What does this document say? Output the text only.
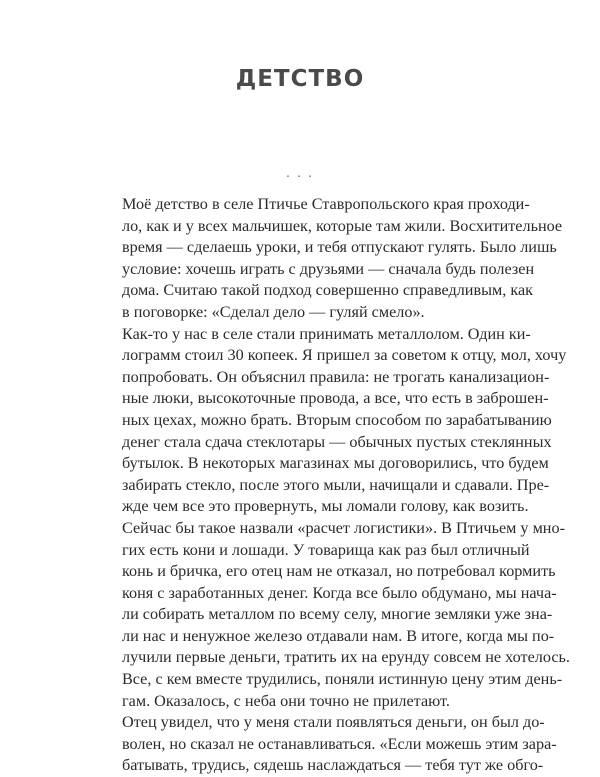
ДЕТСТВО
. . .

Моё детство в селе Птичье Ставропольского края проходи-
ло, как и у всех мальчишек, которые там жили. Восхитительное
время — сделаешь уроки, и тебя отпускают гулять. Было лишь
условие: хочешь играть с друзьями — сначала будь полезен
дома. Считаю такой подход совершенно справедливым, как
в поговорке: «Сделал дело — гуляй смело».

Как-то у нас в селе стали принимать металлолом. Один ки-
лограмм стоил 30 копеек. Я пришел за советом к отцу, мол, хочу
попробовать. Он объяснил правила: не трогать канализацион-
ные люки, высокоточные провода, а все, что есть в заброшен-
ных цехах, можно брать. Вторым способом по зарабатыванию
денег стала сдача стеклотары — обычных пустых стеклянных
бутылок. В некоторых магазинах мы договорились, что будем
забирать стекло, после этого мыли, начищали и сдавали. Пре-
жде чем все это провернуть, мы ломали голову, как возить.
Сейчас бы такое назвали «расчет логистики». В Птичьем у мно-
гих есть кони и лошади. У товарища как раз был отличный
конь и бричка, его отец нам не отказал, но потребовал кормить
коня с заработанных денег. Когда все было обдумано, мы нача-
ли собирать металлом по всему селу, многие земляки уже зна-
ли нас и ненужное железо отдавали нам. В итоге, когда мы по-
лучили первые деньги, тратить их на ерунду совсем не хотелось.
Все, с кем вместе трудились, поняли истинную цену этим день-
гам. Оказалось, с неба они точно не прилетают.

Отец увидел, что у меня стали появляться деньги, он был до-
волен, но сказал не останавливаться. «Если можешь этим зара-
батывать, трудись, сядешь наслаждаться — тебя тут же обго-
